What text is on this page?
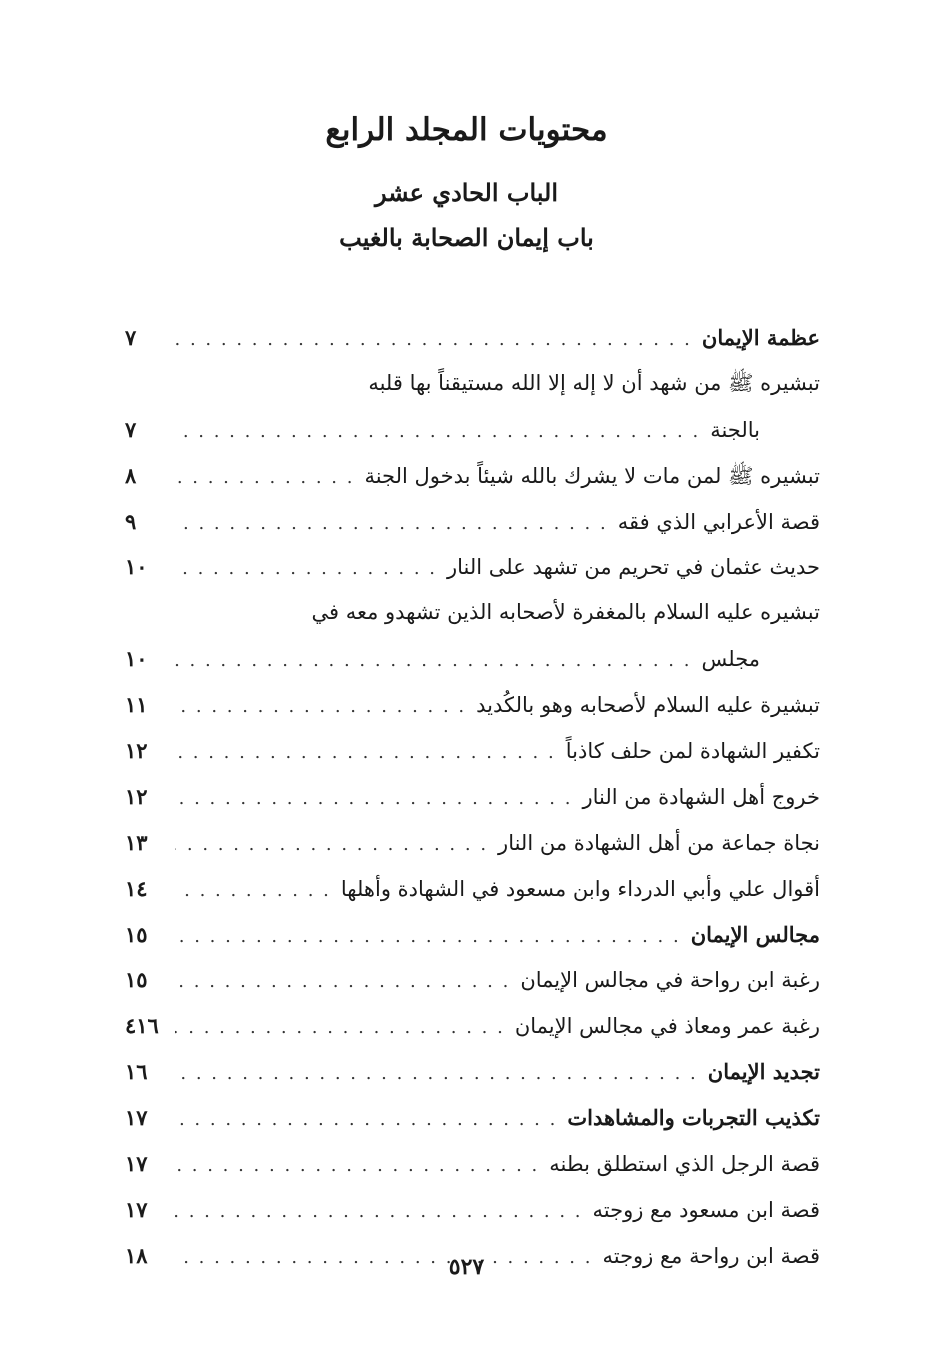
محتويات المجلد الرابع
الباب الحادي عشر
باب إيمان الصحابة بالغيب
عظمة الإيمان
. . .
٧
تبشيره ﷺ من شهد أن لا إله إلا الله مستيقناً بها قلبه
بالجنة
. . .
٧
تبشيره ﷺ لمن مات لا يشرك بالله شيئاً بدخول الجنة
. . .
٨
قصة الأعرابي الذي فقه
. . .
٩
حديث عثمان في تحريم من تشهد على النار
. . .
١٠
تبشيره عليه السلام بالمغفرة لأصحابه الذين تشهدو معه في
مجلس
. . .
١٠
تبشيرة عليه السلام لأصحابه وهو بالكُديد
. . .
١١
تكفير الشهادة لمن حلف كاذباً
. . .
١٢
خروج أهل الشهادة من النار
. . .
١٢
نجاة جماعة من أهل الشهادة من النار
. . .
١٣
أقوال علي وأبي الدرداء وابن مسعود في الشهادة وأهلها
. . .
١٤
مجالس الإيمان
. . .
١٥
رغبة ابن رواحة في مجالس الإيمان
. . .
١٥
رغبة عمر ومعاذ في مجالس الإيمان
. . .
٤١٦
تجديد الإيمان
. . .
١٦
تكذيب التجربات والمشاهدات
. . .
١٧
قصة الرجل الذي استطلق بطنه
. . .
١٧
قصة ابن مسعود مع زوجته
. . .
١٧
قصة ابن رواحة مع زوجته
. . .
١٨	٥٢٧
